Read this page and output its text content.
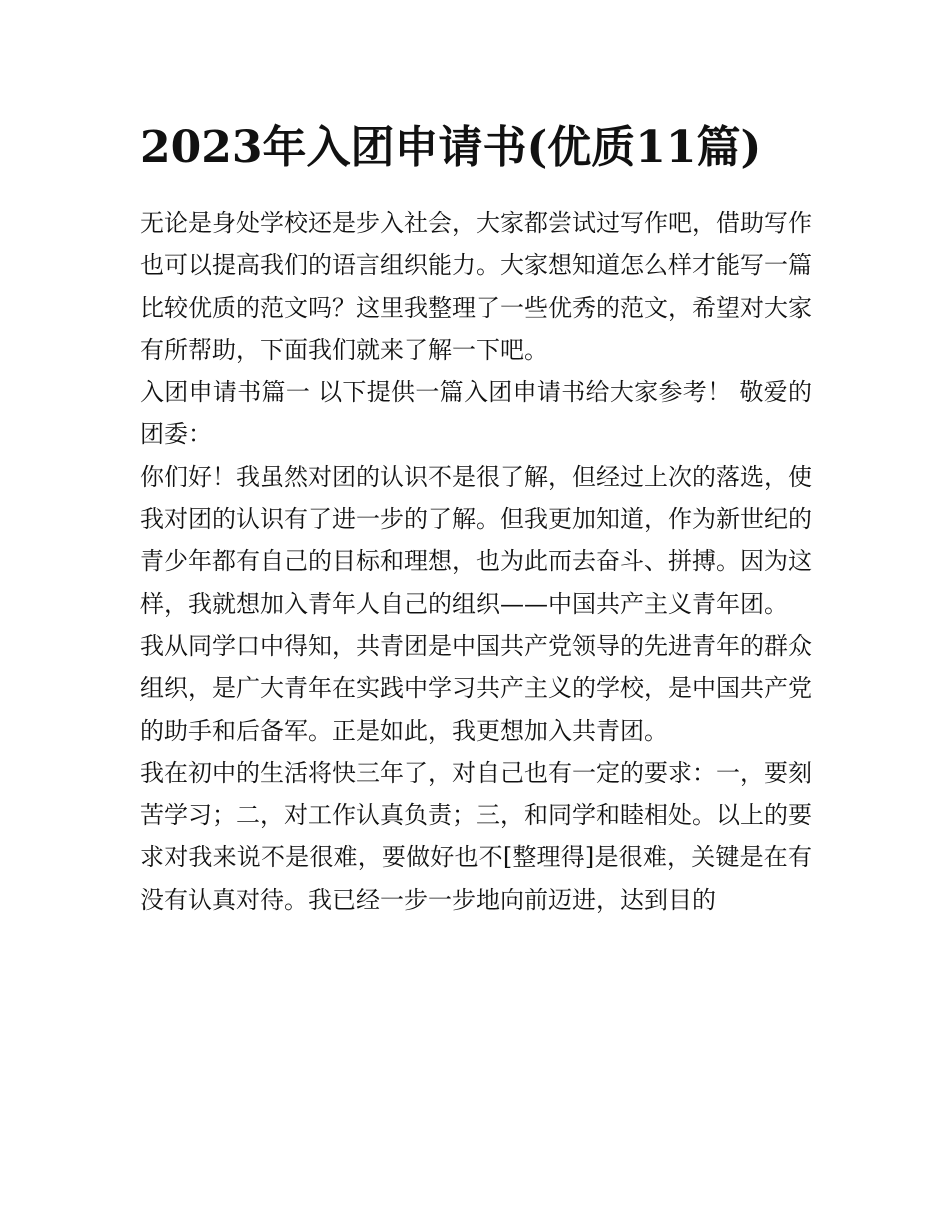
2023年入团申请书(优质11篇)

无论是身处学校还是步入社会，大家都尝试过写作吧，借助写作也可以提高我们的语言组织能力。大家想知道怎么样才能写一篇比较优质的范文吗？这里我整理了一些优秀的范文，希望对大家有所帮助，下面我们就来了解一下吧。

入团申请书篇一 以下提供一篇入团申请书给大家参考！ 敬爱的团委：

你们好！我虽然对团的认识不是很了解，但经过上次的落选，使我对团的认识有了进一步的了解。但我更加知道，作为新世纪的青少年都有自己的目标和理想，也为此而去奋斗、拼搏。因为这样，我就想加入青年人自己的组织——中国共产主义青年团。

我从同学口中得知，共青团是中国共产党领导的先进青年的群众组织，是广大青年在实践中学习共产主义的学校，是中国共产党的助手和后备军。正是如此，我更想加入共青团。

我在初中的生活将快三年了，对自己也有一定的要求：一，要刻苦学习；二，对工作认真负责；三，和同学和睦相处。以上的要求对我来说不是很难，要做好也不[整理得]是很难，关键是在有没有认真对待。我已经一步一步地向前迈进，达到目的
